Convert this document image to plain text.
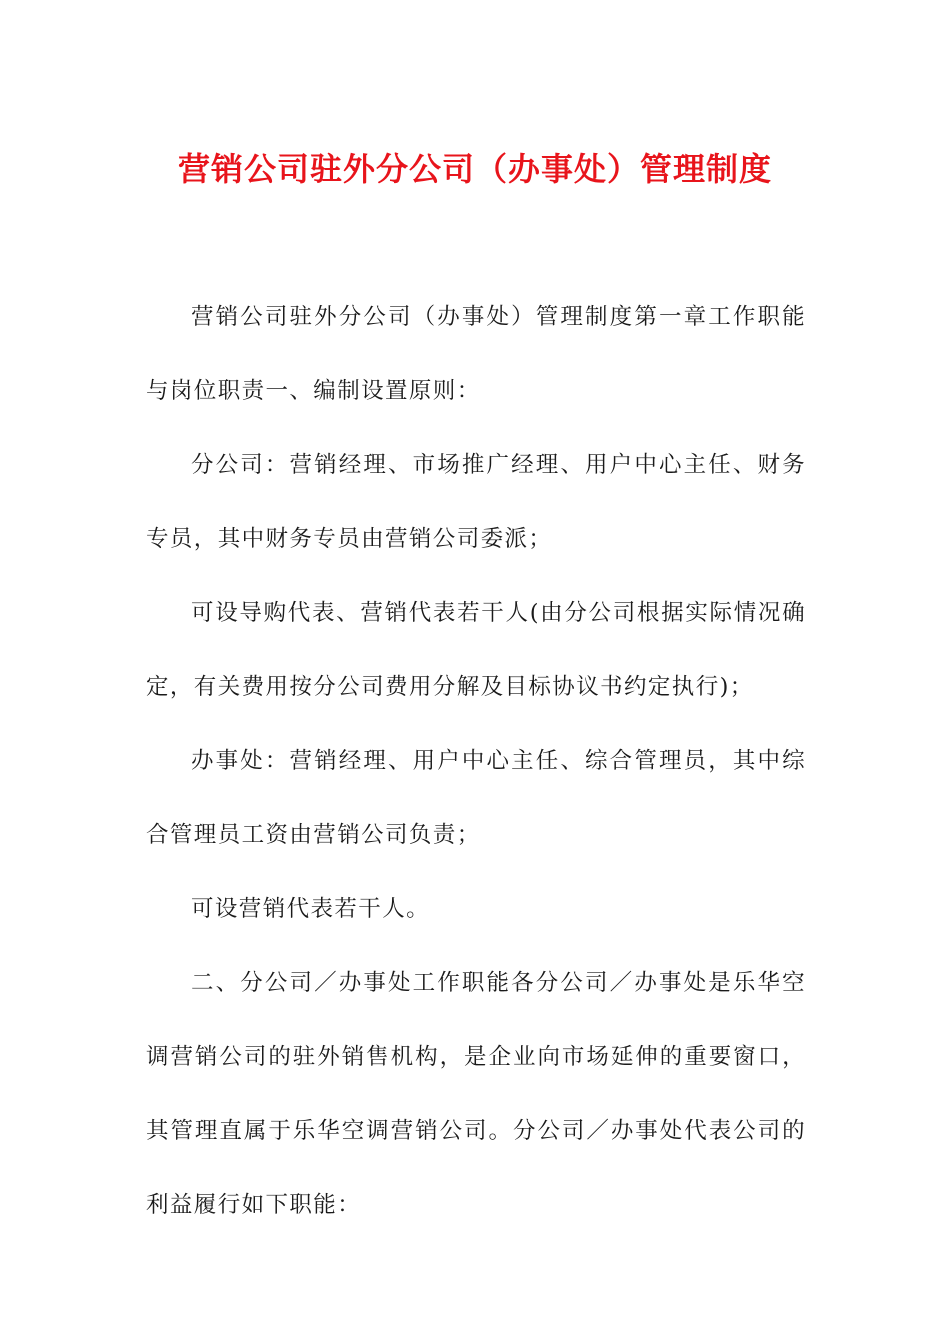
营销公司驻外分公司（办事处）管理制度

营销公司驻外分公司（办事处）管理制度第一章工作职能与岗位职责一、编制设置原则：

分公司：营销经理、市场推广经理、用户中心主任、财务专员，其中财务专员由营销公司委派；

可设导购代表、营销代表若干人(由分公司根据实际情况确定，有关费用按分公司费用分解及目标协议书约定执行)；

办事处：营销经理、用户中心主任、综合管理员，其中综合管理员工资由营销公司负责；

可设营销代表若干人。

二、分公司／办事处工作职能各分公司／办事处是乐华空调营销公司的驻外销售机构，是企业向市场延伸的重要窗口，其管理直属于乐华空调营销公司。分公司／办事处代表公司的利益履行如下职能：
